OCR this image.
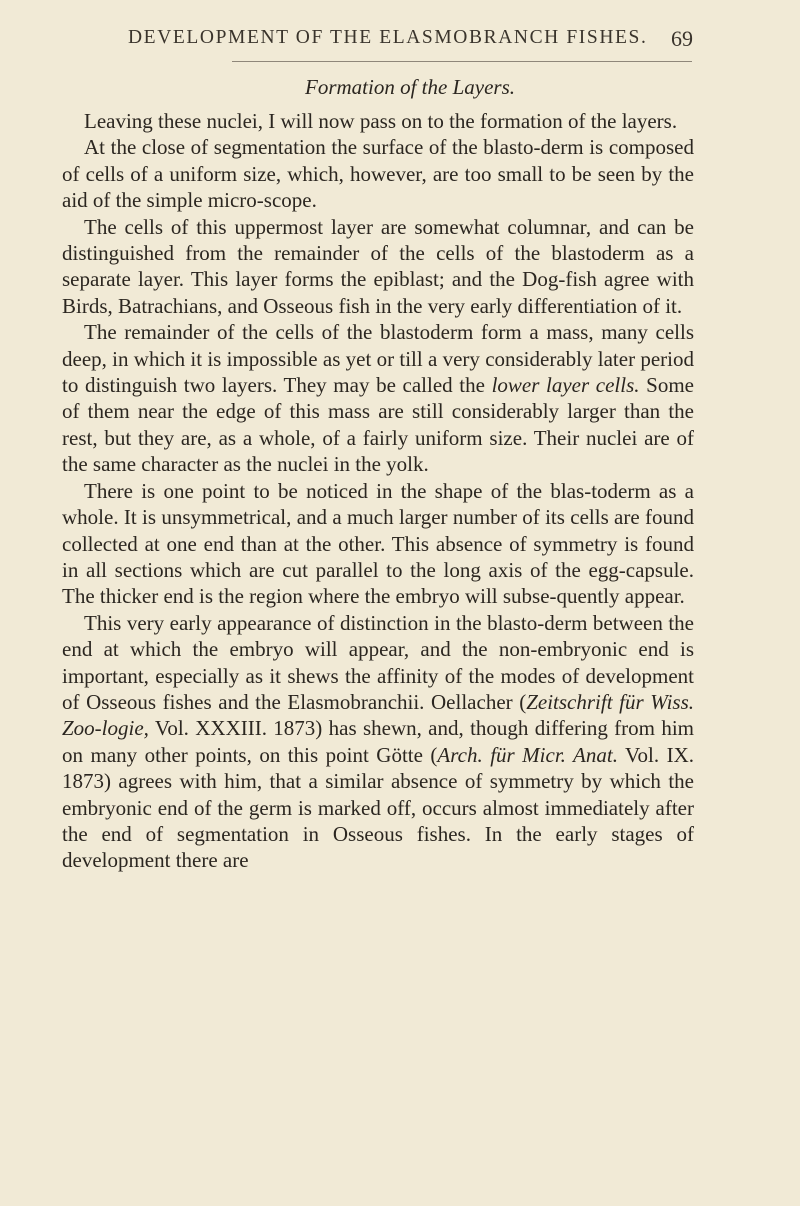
DEVELOPMENT OF THE ELASMOBRANCH FISHES. 69
Formation of the Layers.

Leaving these nuclei, I will now pass on to the formation of the layers.

At the close of segmentation the surface of the blasto-derm is composed of cells of a uniform size, which, however, are too small to be seen by the aid of the simple micro-scope.

The cells of this uppermost layer are somewhat columnar, and can be distinguished from the remainder of the cells of the blastoderm as a separate layer. This layer forms the epiblast; and the Dog-fish agree with Birds, Batrachians, and Osseous fish in the very early differentiation of it.

The remainder of the cells of the blastoderm form a mass, many cells deep, in which it is impossible as yet or till a very considerably later period to distinguish two layers. They may be called the lower layer cells. Some of them near the edge of this mass are still considerably larger than the rest, but they are, as a whole, of a fairly uniform size. Their nuclei are of the same character as the nuclei in the yolk.

There is one point to be noticed in the shape of the blas-toderm as a whole. It is unsymmetrical, and a much larger number of its cells are found collected at one end than at the other. This absence of symmetry is found in all sections which are cut parallel to the long axis of the egg-capsule. The thicker end is the region where the embryo will subse-quently appear.

This very early appearance of distinction in the blasto-derm between the end at which the embryo will appear, and the non-embryonic end is important, especially as it shews the affinity of the modes of development of Osseous fishes and the Elasmobranchii. Oellacher (Zeitschrift für Wiss. Zoo-logie, Vol. XXXIII. 1873) has shewn, and, though differing from him on many other points, on this point Götte (Arch. für Micr. Anat. Vol. IX. 1873) agrees with him, that a similar absence of symmetry by which the embryonic end of the germ is marked off, occurs almost immediately after the end of segmentation in Osseous fishes. In the early stages of development there are
